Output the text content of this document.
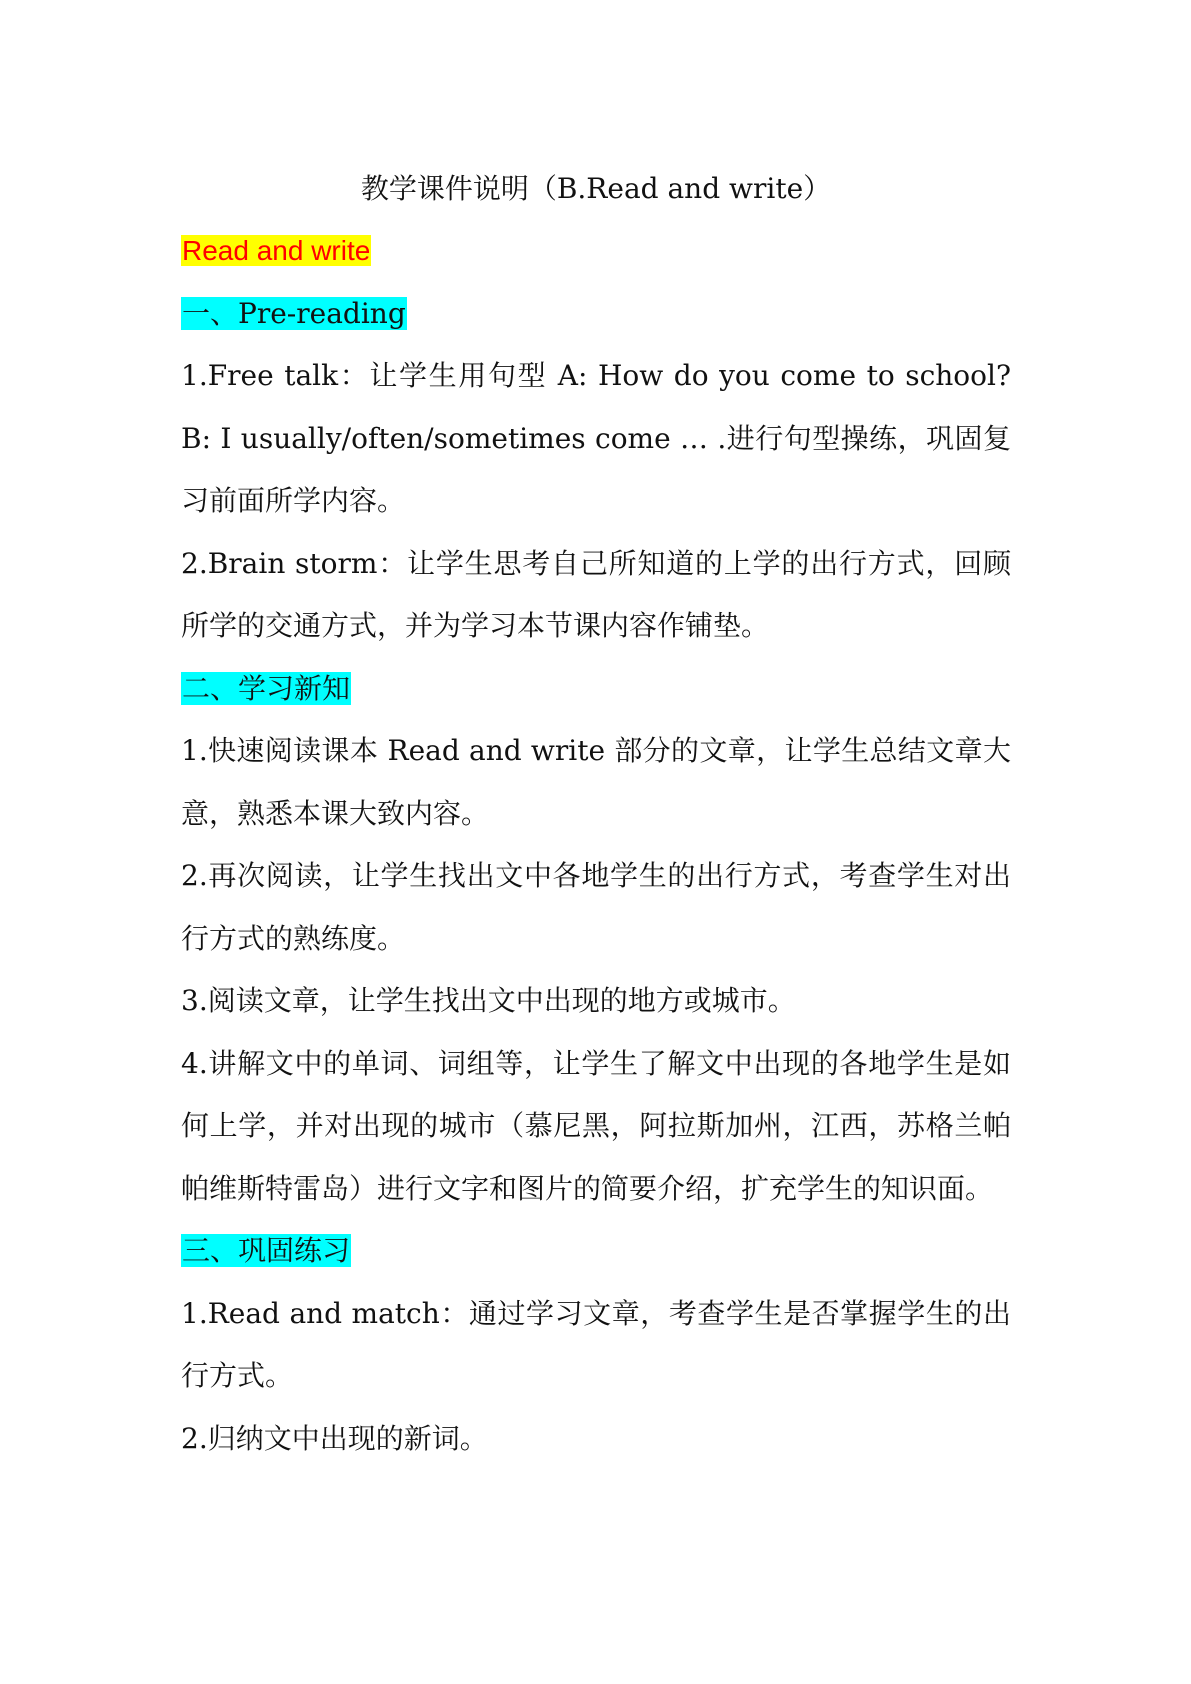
教学课件说明（B.Read and write）

Read and write

一、Pre-reading

1.Free talk：让学生用句型 A: How do you come to school? B: I usually/often/sometimes come … .进行句型操练，巩固复习前面所学内容。

2.Brain storm：让学生思考自己所知道的上学的出行方式，回顾所学的交通方式，并为学习本节课内容作铺垫。

二、学习新知

1.快速阅读课本 Read and write 部分的文章，让学生总结文章大意，熟悉本课大致内容。

2.再次阅读，让学生找出文中各地学生的出行方式，考查学生对出行方式的熟练度。

3.阅读文章，让学生找出文中出现的地方或城市。

4.讲解文中的单词、词组等，让学生了解文中出现的各地学生是如何上学，并对出现的城市（慕尼黑，阿拉斯加州，江西，苏格兰帕帕维斯特雷岛）进行文字和图片的简要介绍，扩充学生的知识面。

三、巩固练习

1.Read and match：通过学习文章，考查学生是否掌握学生的出行方式。

2.归纳文中出现的新词。
